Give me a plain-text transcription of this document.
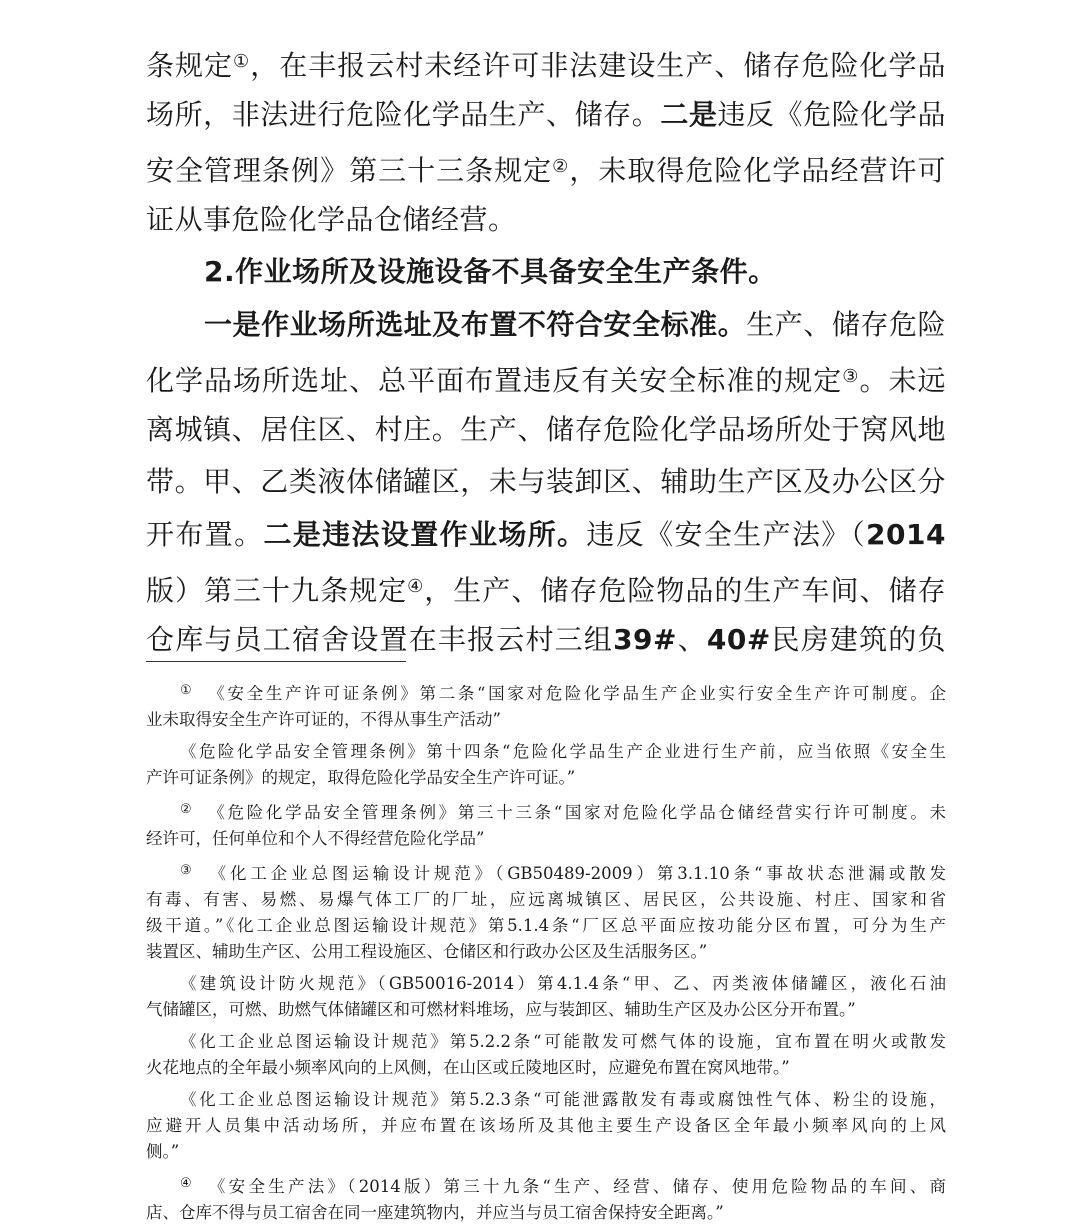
条规定①，在丰报云村未经许可非法建设生产、储存危险化学品
场所，非法进行危险化学品生产、储存。二是违反《危险化学品
安全管理条例》第三十三条规定②，未取得危险化学品经营许可
证从事危险化学品仓储经营。
2.作业场所及设施设备不具备安全生产条件。
一是作业场所选址及布置不符合安全标准。生产、储存危险
化学品场所选址、总平面布置违反有关安全标准的规定③。未远
离城镇、居住区、村庄。生产、储存危险化学品场所处于窝风地
带。甲、乙类液体储罐区，未与装卸区、辅助生产区及办公区分
开布置。二是违法设置作业场所。违反《安全生产法》（2014
版）第三十九条规定④，生产、储存危险物品的生产车间、储存
仓库与员工宿舍设置在丰报云村三组39#、40#民房建筑的负
① 《安全生产许可证条例》第二条“国家对危险化学品生产企业实行安全生产许可制度。企
业未取得安全生产许可证的，不得从事生产活动”
《危险化学品安全管理条例》第十四条“危险化学品生产企业进行生产前，应当依照《安全生
产许可证条例》的规定，取得危险化学品安全生产许可证。”
② 《危险化学品安全管理条例》第三十三条“国家对危险化学品仓储经营实行许可制度。未
经许可，任何单位和个人不得经营危险化学品”
③ 《化工企业总图运输设计规范》（GB50489-2009）第3.1.10条“事故状态泄漏或散发
有毒、有害、易燃、易爆气体工厂的厂址，应远离城镇区、居民区，公共设施、村庄、国家和省
级干道。”《化工企业总图运输设计规范》第5.1.4条“厂区总平面应按功能分区布置，可分为生产
装置区、辅助生产区、公用工程设施区、仓储区和行政办公区及生活服务区。”
《建筑设计防火规范》（GB50016-2014）第4.1.4条“甲、乙、丙类液体储罐区，液化石油
气储罐区，可燃、助燃气体储罐区和可燃材料堆场，应与装卸区、辅助生产区及办公区分开布置。”
《化工企业总图运输设计规范》第5.2.2条“可能散发可燃气体的设施，宜布置在明火或散发
火花地点的全年最小频率风向的上风侧，在山区或丘陵地区时，应避免布置在窝风地带。”
《化工企业总图运输设计规范》第5.2.3条“可能泄露散发有毒或腐蚀性气体、粉尘的设施，
应避开人员集中活动场所，并应布置在该场所及其他主要生产设备区全年最小频率风向的上风
侧。”
④ 《安全生产法》（2014版）第三十九条“生产、经营、储存、使用危险物品的车间、商
店、仓库不得与员工宿舍在同一座建筑物内，并应当与员工宿舍保持安全距离。”
